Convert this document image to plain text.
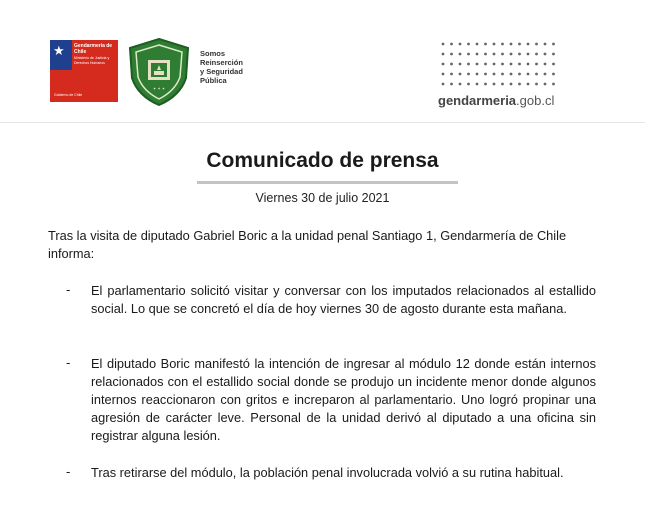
★ Gendarmería de Chile
Ministerio de Justicia y Derechos Humanos
Gobierno de Chile
✦ ✦ ✦
Somos
Reinserción
y Seguridad
Pública
gendarmeria.gob.cl
Comunicado de prensa
Viernes 30 de julio 2021
Tras la visita de diputado Gabriel Boric a la unidad penal Santiago 1, Gendarmería de Chile informa:
- El parlamentario solicitó visitar y conversar con los imputados relacionados al estallido social. Lo que se concretó el día de hoy viernes 30 de agosto durante esta mañana.
- El diputado Boric manifestó la intención de ingresar al módulo 12 donde están internos relacionados con el estallido social donde se produjo un incidente menor donde algunos internos reaccionaron con gritos e increparon al parlamentario. Uno logró propinar una agresión de carácter leve. Personal de la unidad derivó al diputado a una oficina sin registrar alguna lesión.
- Tras retirarse del módulo, la población penal involucrada volvió a su rutina habitual.
